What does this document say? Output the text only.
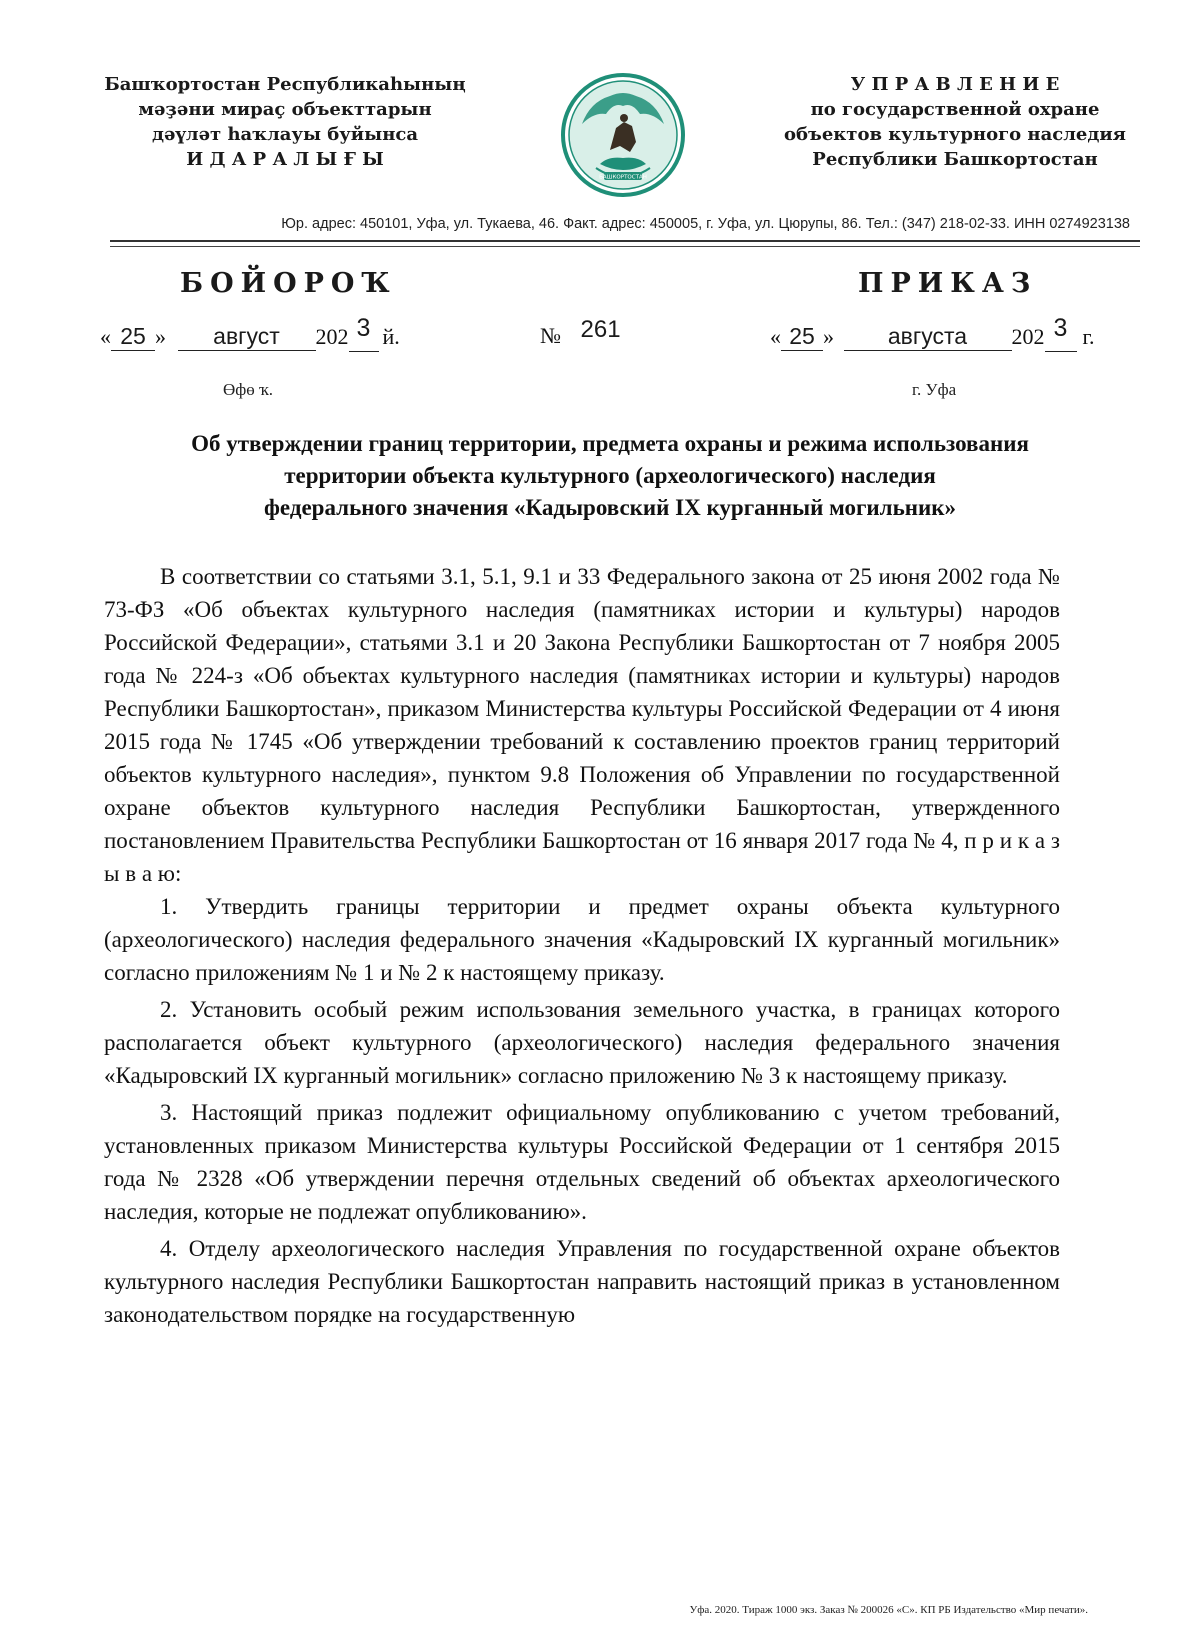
Башҡортостан Республикаһының
мәҙәни мираҫ объекттарын
дәүләт һаҡлауы буйынса
И Д А Р А Л Ы Ғ Ы
БАШКОРТОСТАН
У П Р А В Л Е Н И Е
по государственной охране
объектов культурного наследия
Республики Башкортостан
Юр. адрес: 450101, Уфа, ул. Тукаева, 46. Факт. адрес: 450005, г. Уфа, ул. Цюрупы, 86. Тел.: (347) 218-02-33. ИНН 0274923138
БОЙОРОҠ	ПРИКАЗ
« 25 » август 202 3 й.	№ 261	« 25 » августа 202 3 г.
Өфө ҡ.	г. Уфа
Об утверждении границ территории, предмета охраны и режима использования
территории объекта культурного (археологического) наследия
федерального значения «Кадыровский IX курганный могильник»

В соответствии со статьями 3.1, 5.1, 9.1 и 33 Федерального закона от 25 июня 2002 года № 73-ФЗ «Об объектах культурного наследия (памятниках истории и культуры) народов Российской Федерации», статьями 3.1 и 20 Закона Республики Башкортостан от 7 ноября 2005 года № 224-з «Об объектах культурного наследия (памятниках истории и культуры) народов Республики Башкортостан», приказом Министерства культуры Российской Федерации от 4 июня 2015 года № 1745 «Об утверждении требований к составлению проектов границ территорий объектов культурного наследия», пунктом 9.8 Положения об Управлении по государственной охране объектов культурного наследия Республики Башкортостан, утвержденного постановлением Правительства Республики Башкортостан от 16 января 2017 года № 4, п р и к а з ы в а ю:

1. Утвердить границы территории и предмет охраны объекта культурного (археологического) наследия федерального значения «Кадыровский IX курганный могильник» согласно приложениям № 1 и № 2 к настоящему приказу.

2. Установить особый режим использования земельного участка, в границах которого располагается объект культурного (археологического) наследия федерального значения «Кадыровский IX курганный могильник» согласно приложению № 3 к настоящему приказу.

3. Настоящий приказ подлежит официальному опубликованию с учетом требований, установленных приказом Министерства культуры Российской Федерации от 1 сентября 2015 года № 2328 «Об утверждении перечня отдельных сведений об объектах археологического наследия, которые не подлежат опубликованию».

4. Отделу археологического наследия Управления по государственной охране объектов культурного наследия Республики Башкортостан направить настоящий приказ в установленном законодательством порядке на государственную

Уфа. 2020. Тираж 1000 экз. Заказ № 200026 «С». КП РБ Издательство «Мир печати».
